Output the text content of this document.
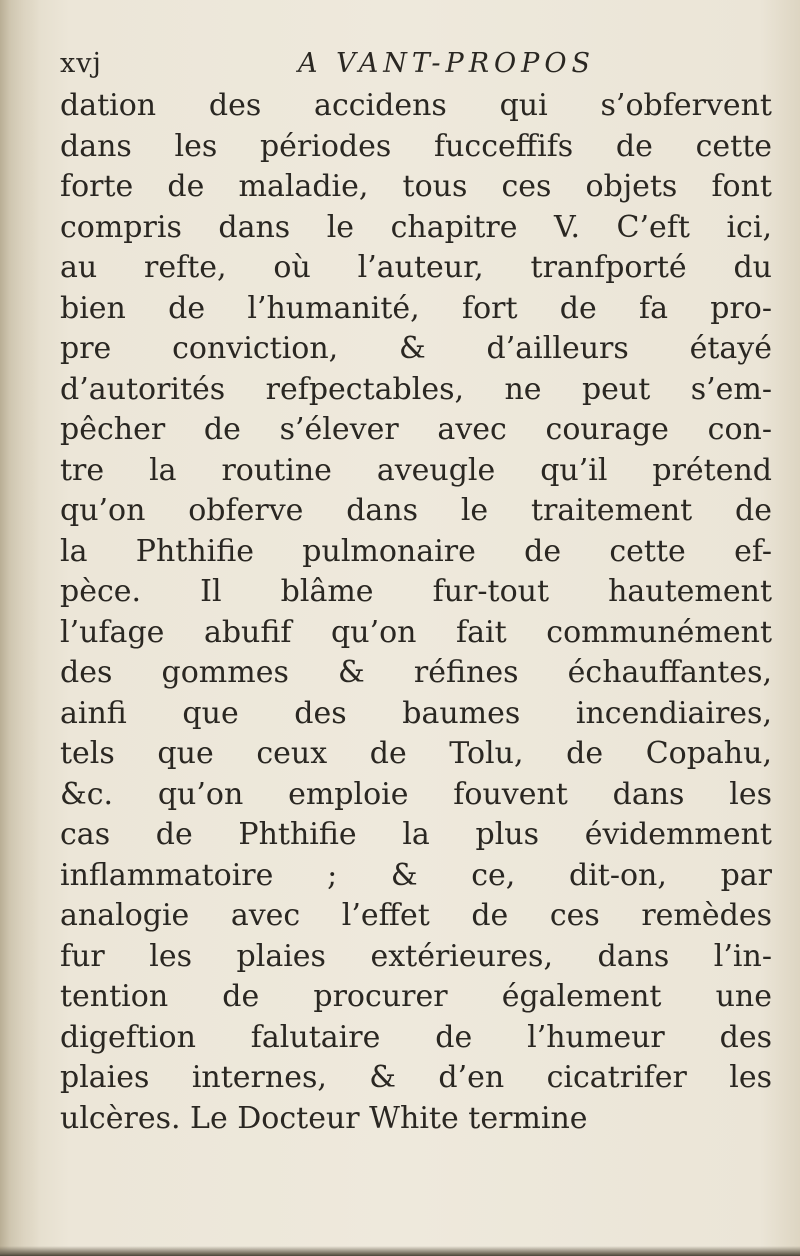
xvj	A VANT-PROPOS
dation des accidens qui s’obfervent
dans les périodes fucceffifs de cette
forte de maladie, tous ces objets font
compris dans le chapitre V. C’eft ici,
au refte, où l’auteur, tranfporté du
bien de l’humanité, fort de fa pro-
pre conviction, & d’ailleurs étayé
d’autorités refpectables, ne peut s’em-
pêcher de s’élever avec courage con-
tre la routine aveugle qu’il prétend
qu’on obferve dans le traitement de
la Phthifie pulmonaire de cette ef-
pèce. Il blâme fur-tout hautement
l’ufage abufif qu’on fait communément
des gommes & réfines échauffantes,
ainfi que des baumes incendiaires,
tels que ceux de Tolu, de Copahu,
&c. qu’on emploie fouvent dans les
cas de Phthifie la plus évidemment
inflammatoire ; & ce, dit-on, par
analogie avec l’effet de ces remèdes
fur les plaies extérieures, dans l’in-
tention de procurer également une
digeftion falutaire de l’humeur des
plaies internes, & d’en cicatrifer les
ulcères. Le Docteur White termine
